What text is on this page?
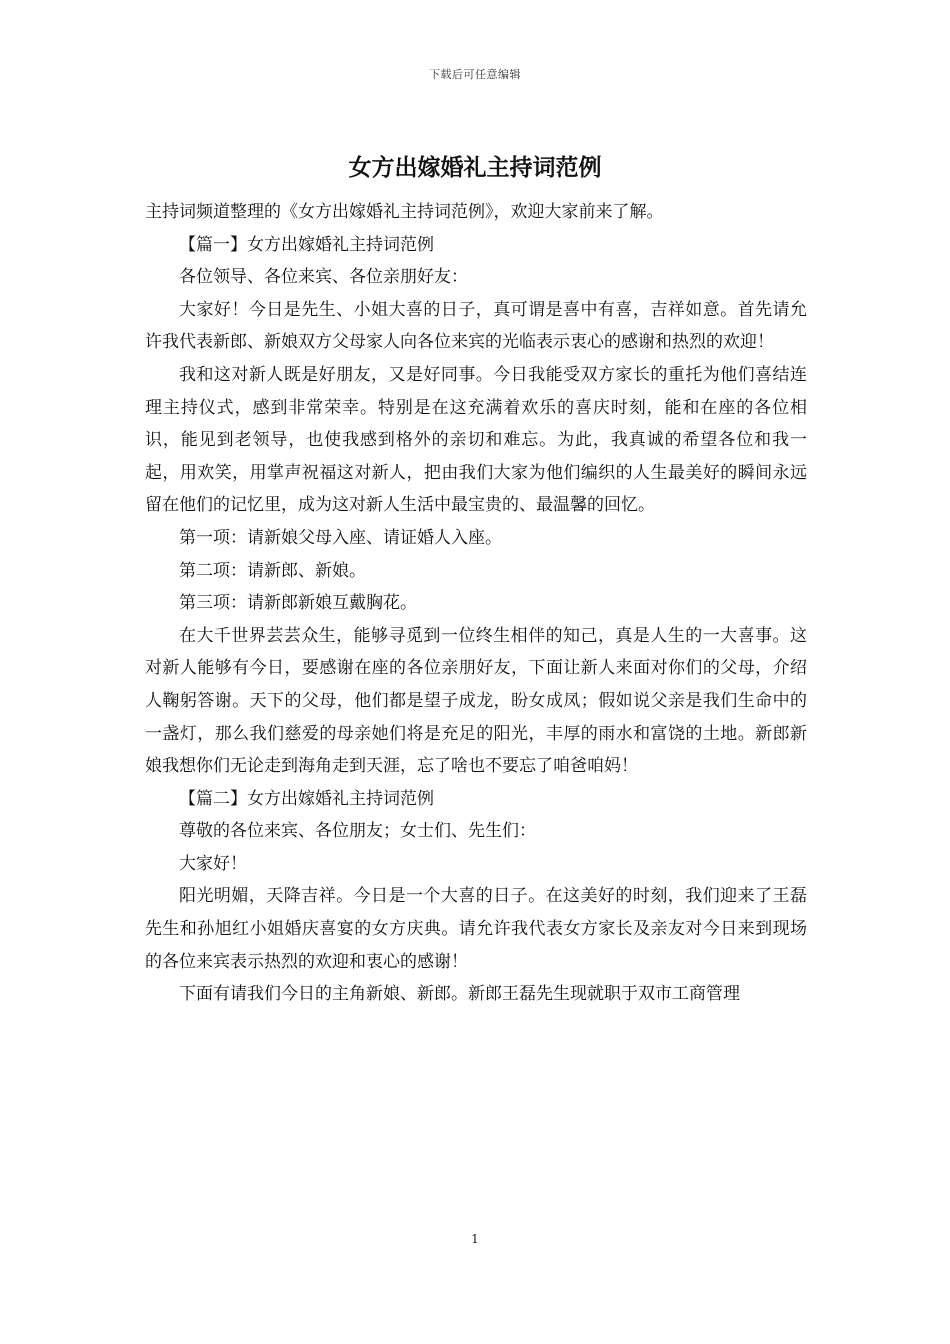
下载后可任意编辑
女方出嫁婚礼主持词范例

主持词频道整理的《女方出嫁婚礼主持词范例》，欢迎大家前来了解。

【篇一】女方出嫁婚礼主持词范例

各位领导、各位来宾、各位亲朋好友：

大家好！今日是先生、小姐大喜的日子，真可谓是喜中有喜，吉祥如意。首先请允许我代表新郎、新娘双方父母家人向各位来宾的光临表示衷心的感谢和热烈的欢迎！

我和这对新人既是好朋友，又是好同事。今日我能受双方家长的重托为他们喜结连理主持仪式，感到非常荣幸。特别是在这充满着欢乐的喜庆时刻，能和在座的各位相识，能见到老领导，也使我感到格外的亲切和难忘。为此，我真诚的希望各位和我一起，用欢笑，用掌声祝福这对新人，把由我们大家为他们编织的人生最美好的瞬间永远留在他们的记忆里，成为这对新人生活中最宝贵的、最温馨的回忆。

第一项：请新娘父母入座、请证婚人入座。

第二项：请新郎、新娘。

第三项：请新郎新娘互戴胸花。

在大千世界芸芸众生，能够寻觅到一位终生相伴的知己，真是人生的一大喜事。这对新人能够有今日，要感谢在座的各位亲朋好友，下面让新人来面对你们的父母，介绍人鞠躬答谢。天下的父母，他们都是望子成龙，盼女成凤；假如说父亲是我们生命中的一盏灯，那么我们慈爱的母亲她们将是充足的阳光，丰厚的雨水和富饶的土地。新郎新娘我想你们无论走到海角走到天涯，忘了啥也不要忘了咱爸咱妈！

【篇二】女方出嫁婚礼主持词范例

尊敬的各位来宾、各位朋友；女士们、先生们：

大家好！

阳光明媚，天降吉祥。今日是一个大喜的日子。在这美好的时刻，我们迎来了王磊先生和孙旭红小姐婚庆喜宴的女方庆典。请允许我代表女方家长及亲友对今日来到现场的各位来宾表示热烈的欢迎和衷心的感谢！

下面有请我们今日的主角新娘、新郎。新郎王磊先生现就职于双市工商管理

1
